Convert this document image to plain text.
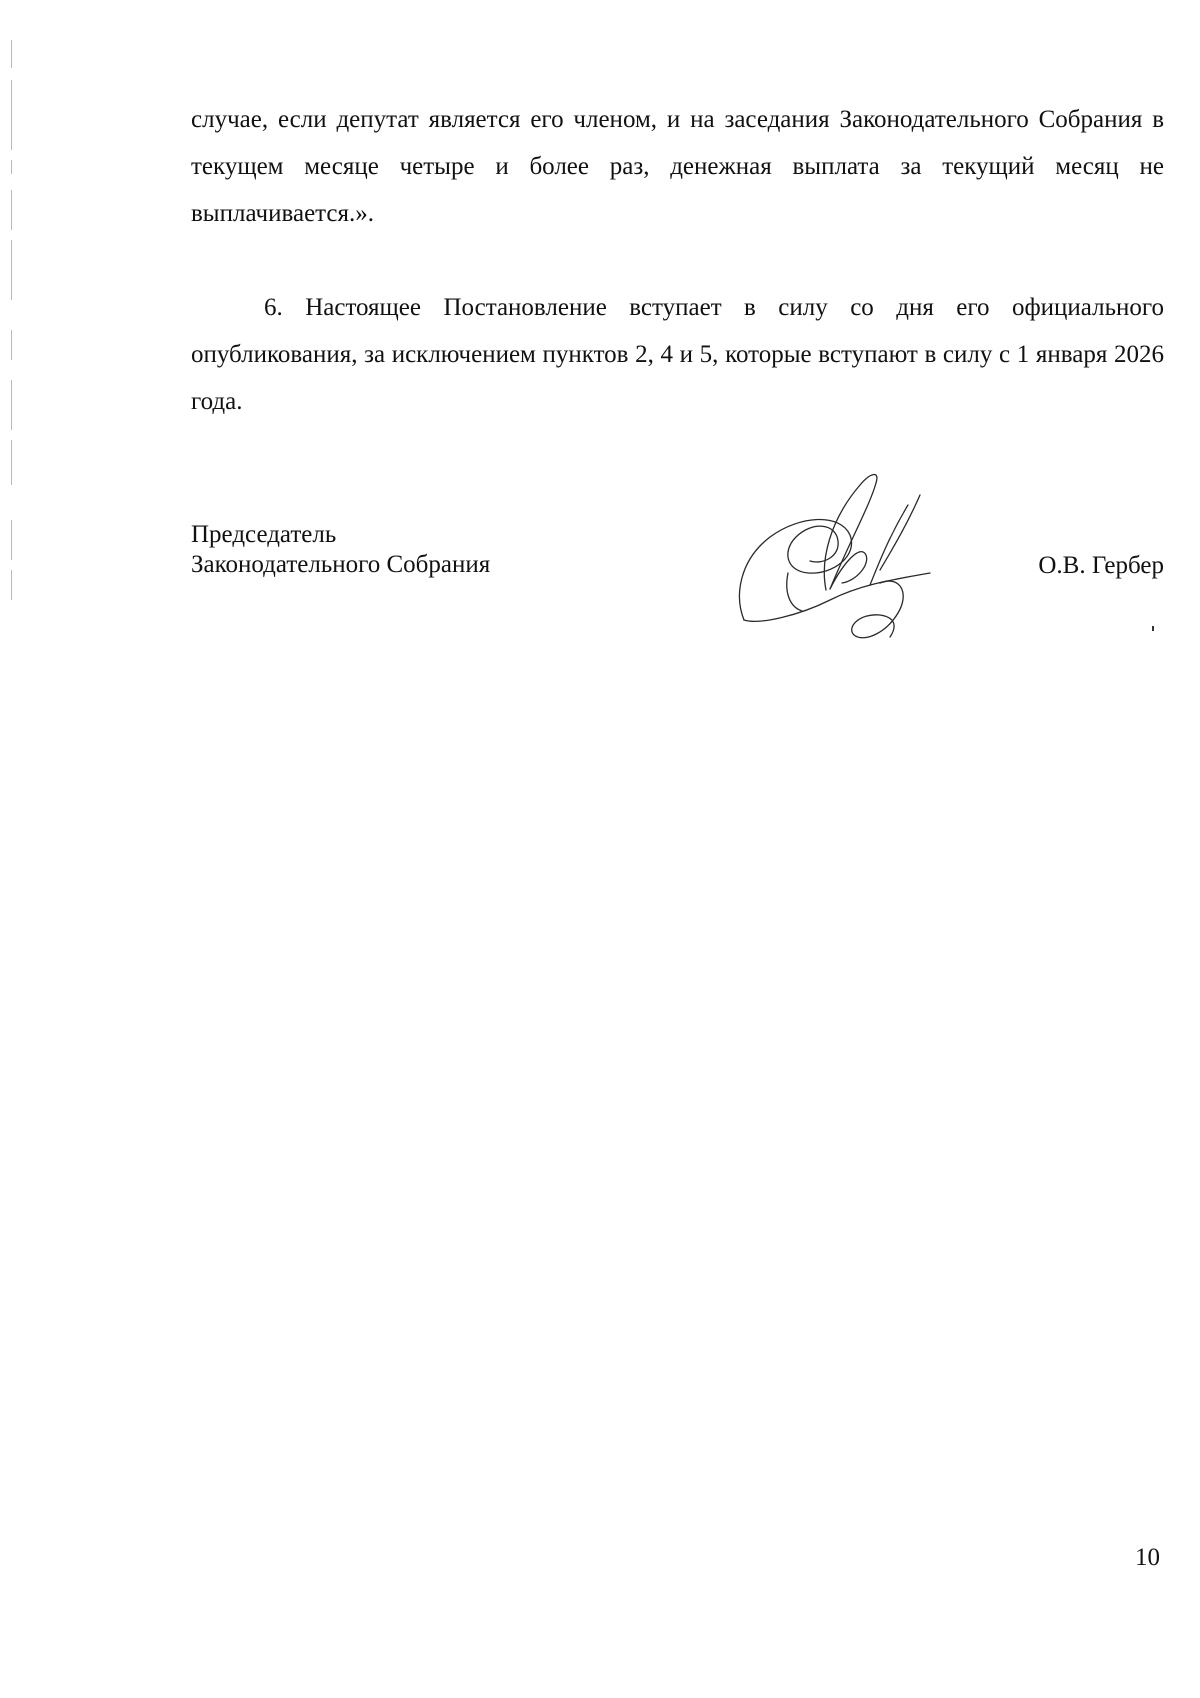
случае, если депутат является его членом, и на заседания Законодательного Собрания в текущем месяце четыре и более раз, денежная выплата за текущий месяц не выплачивается.».

6. Настоящее Постановление вступает в силу со дня его официального опубликования, за исключением пунктов 2, 4 и 5, которые вступают в силу с 1 января 2026 года.

Председатель
Законодательного Собрания	О.В. Гербер
10
